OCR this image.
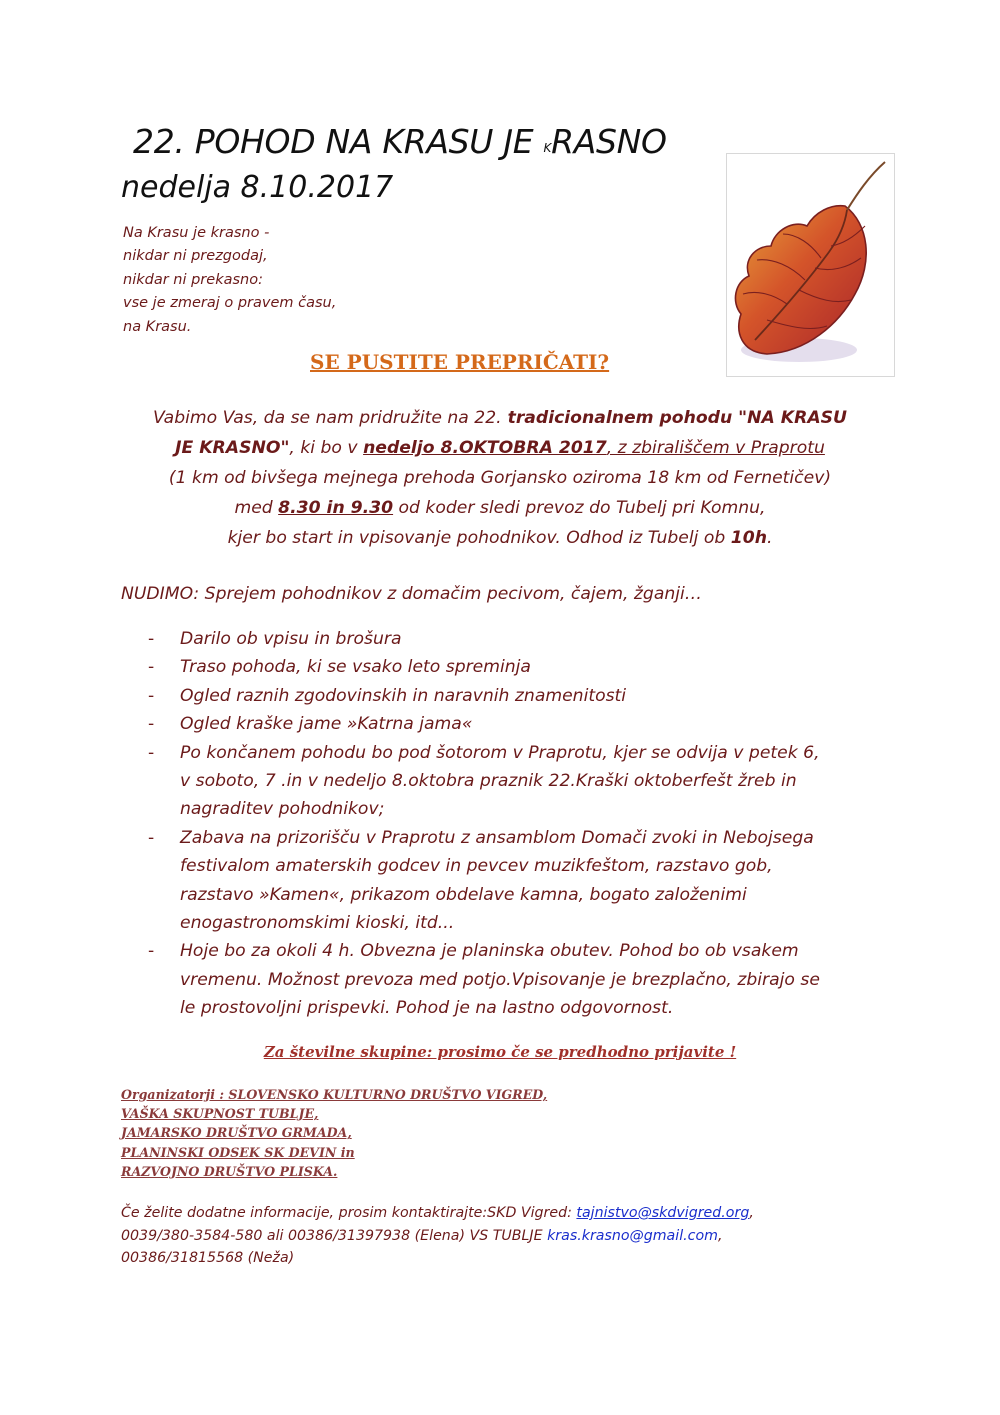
22. POHOD NA KRASU JE KRASNO
nedelja 8.10.2017
Na Krasu je krasno -
nikdar ni prezgodaj,
nikdar ni prekasno:
vse je zmeraj o pravem času,
na Krasu.
SE PUSTITE PREPRIČATI?
Vabimo Vas, da se nam pridružite na 22. tradicionalnem pohodu "NA KRASU
JE KRASNO", ki bo v nedeljo 8.OKTOBRA 2017, z zbirališčem v Praprotu
(1 km od bivšega mejnega prehoda Gorjansko oziroma 18 km od Fernetičev)
med 8.30 in 9.30 od koder sledi prevoz do Tubelj pri Komnu,
kjer bo start in vpisovanje pohodnikov. Odhod iz Tubelj ob 10h.
NUDIMO: Sprejem pohodnikov z domačim pecivom, čajem, žganji…
- Darilo ob vpisu in brošura
- Traso pohoda, ki se vsako leto spreminja
- Ogled raznih zgodovinskih in naravnih znamenitosti
- Ogled kraške jame »Katrna jama«
- Po končanem pohodu bo pod šotorom v Praprotu, kjer se odvija v petek 6,
v soboto, 7 .in v nedeljo 8.oktobra praznik 22.Kraški oktoberfešt žreb in
nagraditev pohodnikov;
- Zabava na prizorišču v Praprotu z ansamblom Domači zvoki in Nebojsega
festivalom amaterskih godcev in pevcev muzikfeštom, razstavo gob,
razstavo »Kamen«, prikazom obdelave kamna, bogato založenimi
enogastronomskimi kioski, itd...
- Hoje bo za okoli 4 h. Obvezna je planinska obutev. Pohod bo ob vsakem
vremenu. Možnost prevoza med potjo.Vpisovanje je brezplačno, zbirajo se
le prostovoljni prispevki. Pohod je na lastno odgovornost.
Za številne skupine: prosimo če se predhodno prijavite !
Organizatorji : SLOVENSKO KULTURNO DRUŠTVO VIGRED,
VAŠKA SKUPNOST TUBLJE,
JAMARSKO DRUŠTVO GRMADA,
PLANINSKI ODSEK SK DEVIN in
RAZVOJNO DRUŠTVO PLISKA.
Če želite dodatne informacije, prosim kontaktirajte:SKD Vigred: tajnistvo@skdvigred.org,
0039/380-3584-580 ali 00386/31397938 (Elena) VS TUBLJE kras.krasno@gmail.com,
00386/31815568 (Neža)
